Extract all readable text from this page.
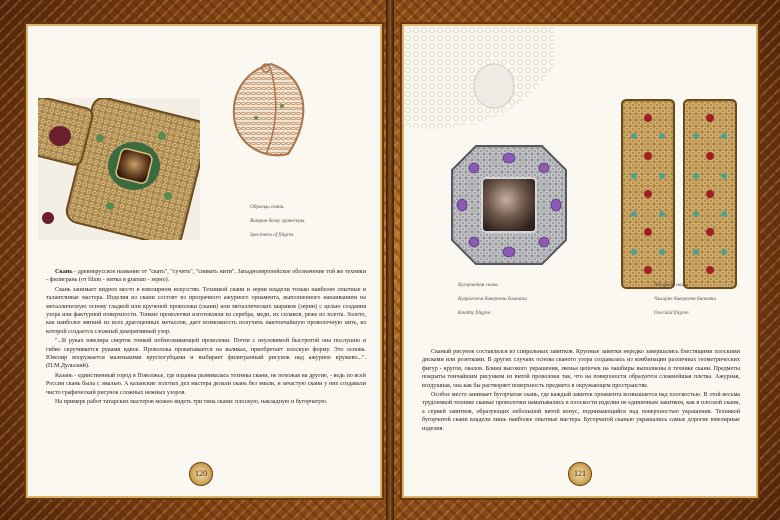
Образцы скани.
Витрин белку гранесеры.
Specimens of filigree.

Скань - древнерусское название от "скать", "сучить", "свивать нити". Западноевропейское обозначение той же техники - филигрань (от filum - нитка и granum - зерно).

Скань занимает видное место в ювелирном искусстве. Техникой скани и зерни владели только наиболее опытные и талантливые мастера. Изделия из скани состоят из прозрачного ажурного орнамента, выполненного напаиванием на металлическую основу гладкой или крученой проволоки (скани) или металлических шариков (зерни) с целью создания узора или фактурной поверхности. Тонкие проволочки изготовляли из серебра, меди, их сплавов, реже из золота. Золото, как наиболее мягкий из всех драгоценных металлов, дает возможность получить наитончайшую проволочную нить, из которой создается сложный декоративный узор.

"...В руках ювелира сверток тонкой поблескивающей проволоки. Почти с неуловимой быстротой она послушно и гибко скручивается руками вдвое. Проволока прокатывается на валиках, приобретает плоскую форму. Это основа. Ювелир вооружается маленькими круглогубцами и выбирает филигранный рисунок над ажурное кружево...". (П.М.Дульский).

Казань - единственный город в Поволжье, где издавна развивалась техника скани, не похожая на другие, - ведь по всей России скань была с эмалью. А казанские золотых дел мастера делали скань без эмали, и зачастую скани у них создавали чисто графический рисунок сложных нежных узоров.

На примере работ татарских мастеров можно видеть три типа скани: плоскую, накладную и бугорчатую.

120
Бугорчатая скань.
Кувригоесм бивергени бамовгы
Knobby filigree.
Ажурная скань.
Чилорпе бивергени биповта
Overlaid filigree.

Сканый рисунок составлялся из спиральных завитков. Крупные завитки нередко завершались блестящими плоскими дисками или розетками. В других случаях основа сканого узора создавалась из комбинации различных геометрических фигур - кругов, овалов. Блики высокого украшения, звенья цепочек на чашбиры выполнены в технике скани. Предметы покрыты тончайшим рисунком из витой проволоки так, что на поверхности образуется сложнейшая плетка. Ажурная, воздушная, она как бы растворяет поверхность предмета в окружающем пространстве.

Особое место занимает бугорчатая скань, где каждый завиток орнамента возвышается над плоскостью. В этой весьма трудоемкой технике сканые проволочки наматывались в плоскости изделия не единичным завитком, как в плоской скани, а серией завитков, образующих небольшой витой конус, поднимающийся над поверхностью украшения. Техникой бугорчатой скани владели лишь наиболее опытные мастера. Бугорчатой сканью украшались самые дорогие ювелирные изделия.

121
